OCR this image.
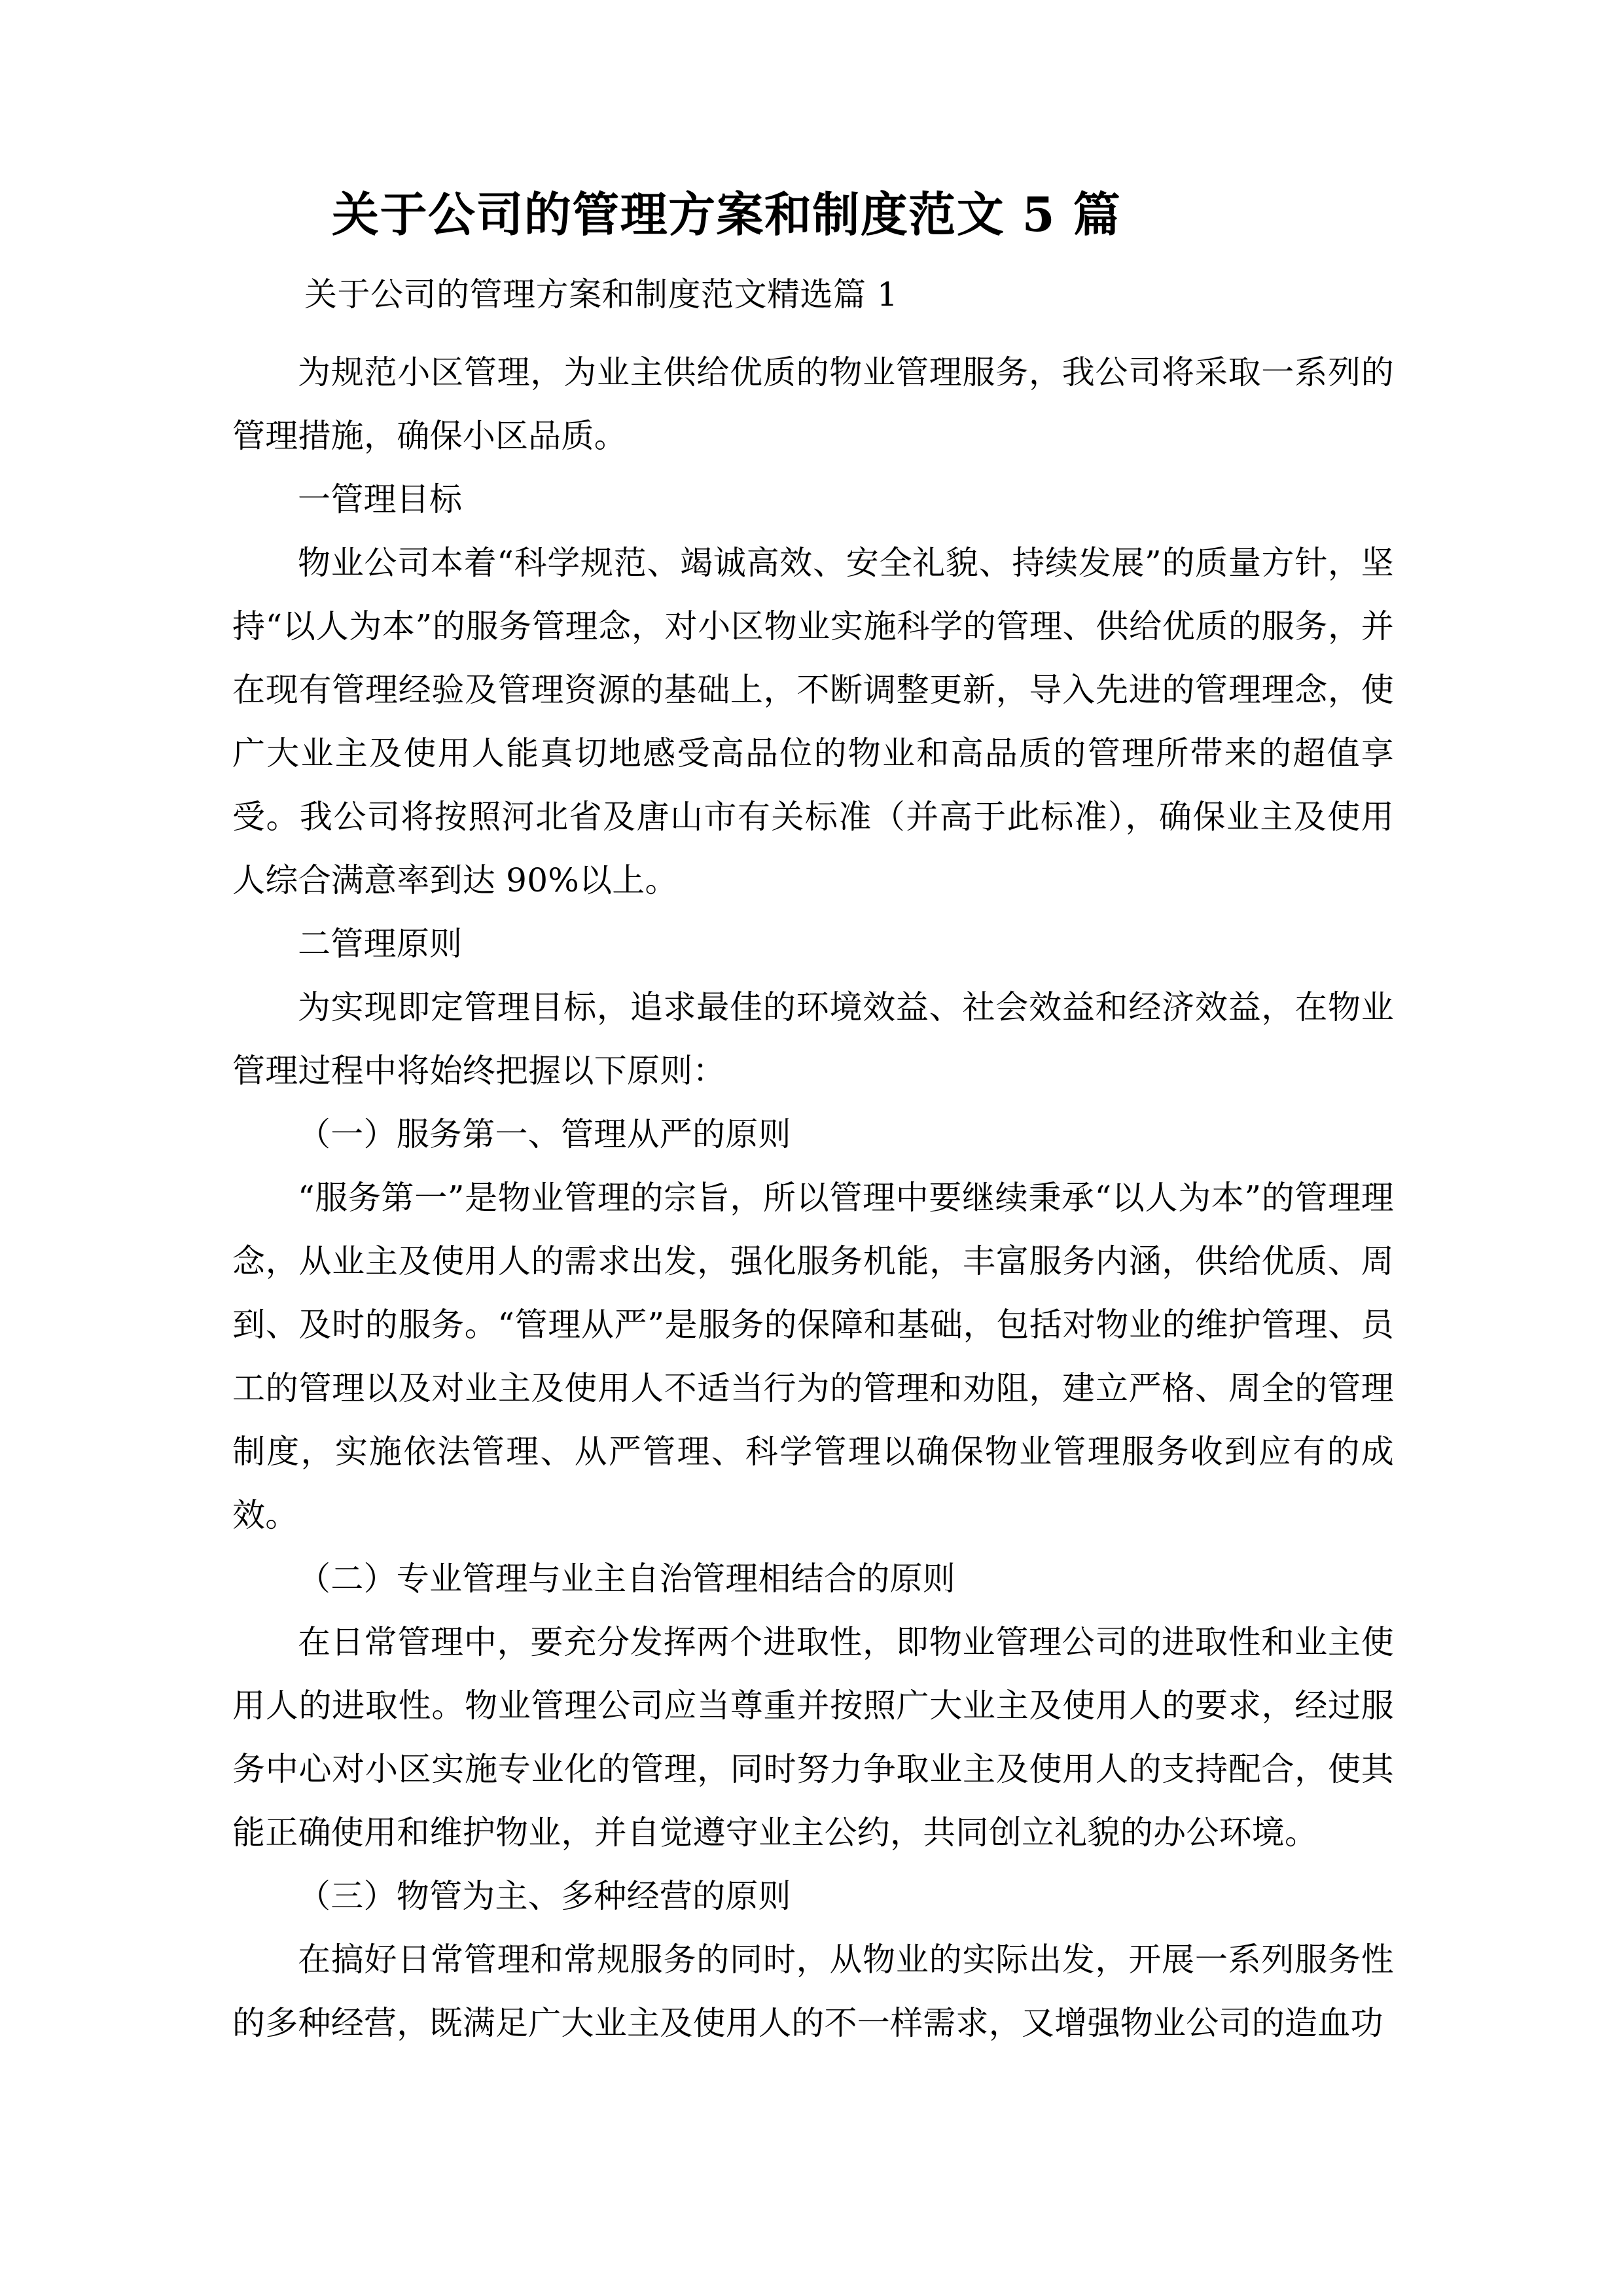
关于公司的管理方案和制度范文 5 篇
关于公司的管理方案和制度范文精选篇 1

为规范小区管理，为业主供给优质的物业管理服务，我公司将采取一系列的管理措施，确保小区品质。

一管理目标

物业公司本着“科学规范、竭诚高效、安全礼貌、持续发展”的质量方针，坚持“以人为本”的服务管理念，对小区物业实施科学的管理、供给优质的服务，并在现有管理经验及管理资源的基础上，不断调整更新，导入先进的管理理念，使广大业主及使用人能真切地感受高品位的物业和高品质的管理所带来的超值享受。我公司将按照河北省及唐山市有关标准（并高于此标准），确保业主及使用人综合满意率到达 90%以上。

二管理原则

为实现即定管理目标，追求最佳的环境效益、社会效益和经济效益，在物业管理过程中将始终把握以下原则：

（一）服务第一、管理从严的原则

“服务第一”是物业管理的宗旨，所以管理中要继续秉承“以人为本”的管理理念，从业主及使用人的需求出发，强化服务机能，丰富服务内涵，供给优质、周到、及时的服务。“管理从严”是服务的保障和基础，包括对物业的维护管理、员工的管理以及对业主及使用人不适当行为的管理和劝阻，建立严格、周全的管理制度，实施依法管理、从严管理、科学管理以确保物业管理服务收到应有的成效。

（二）专业管理与业主自治管理相结合的原则

在日常管理中，要充分发挥两个进取性，即物业管理公司的进取性和业主使用人的进取性。物业管理公司应当尊重并按照广大业主及使用人的要求，经过服务中心对小区实施专业化的管理，同时努力争取业主及使用人的支持配合，使其能正确使用和维护物业，并自觉遵守业主公约，共同创立礼貌的办公环境。

（三）物管为主、多种经营的原则

在搞好日常管理和常规服务的同时，从物业的实际出发，开展一系列服务性的多种经营，既满足广大业主及使用人的不一样需求，又增强物业公司的造血功
